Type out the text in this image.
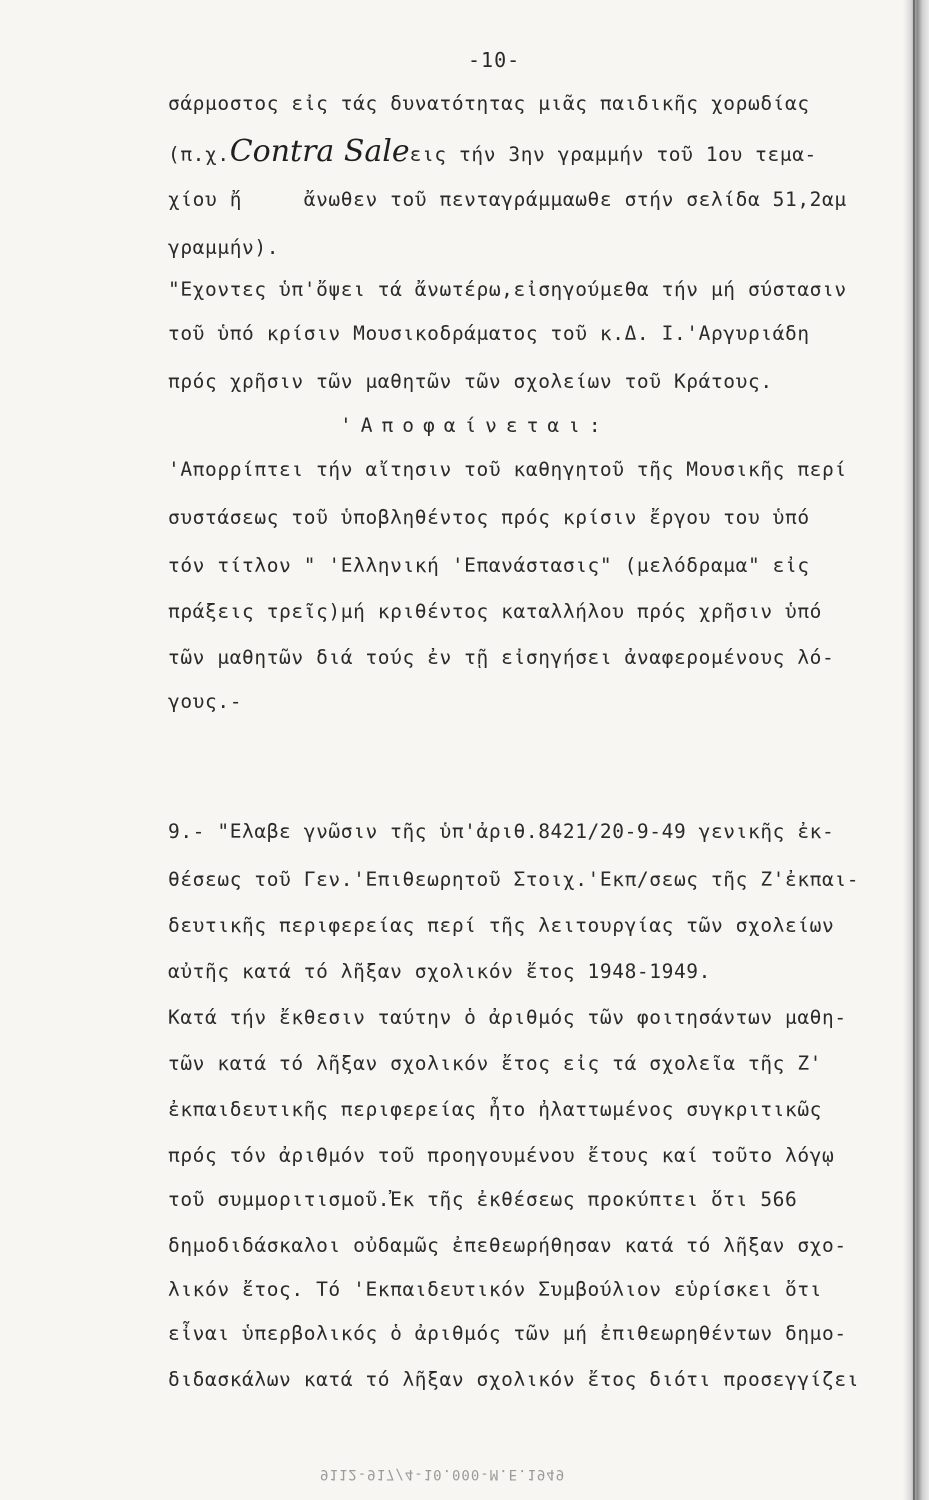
-10-
σάρμοστος εἰς τάς δυνατότητας μιᾶς παιδικῆς χορωδίας
(π.χ.Contra Saleεις τήν 3ην γραμμήν τοῦ 1ου τεμα-
χίου ἤ     ἄνωθεν τοῦ πενταγράμμαωθε στήν σελίδα 51,2αμ
γραμμήν).
"Εχοντες ὑπ'ὄψει τά ἄνωτέρω,εἰσηγούμεθα τήν μή σύστασιν
τοῦ ὑπό κρίσιν Μουσικοδράματος τοῦ κ.Δ. Ι.'Αργυριάδη
πρός χρῆσιν τῶν μαθητῶν τῶν σχολείων τοῦ Κράτους.
'Αποφαίνεται:
'Απορρίπτει τήν αἴτησιν τοῦ καθηγητοῦ τῆς Μουσικῆς περί
συστάσεως τοῦ ὑποβληθέντος πρός κρίσιν ἔργου του ὑπό
τόν τίτλον " 'Ελληνική 'Επανάστασις" (μελόδραμα" εἰς
πράξεις τρεῖς)μή κριθέντος καταλλήλου πρός χρῆσιν ὑπό
τῶν μαθητῶν διά τούς ἐν τῇ εἰσηγήσει ἀναφερομένους λό-
γους.-
9.- "Ελαβε γνῶσιν τῆς ὑπ'ἀριθ.8421/20-9-49 γενικῆς ἐκ-
θέσεως τοῦ Γεν.'Επιθεωρητοῦ Στοιχ.'Εκπ/σεως τῆς Ζ'ἐκπαι-
δευτικῆς περιφερείας περί τῆς λειτουργίας τῶν σχολείων
αὐτῆς κατά τό λῆξαν σχολικόν ἔτος 1948-1949.
Κατά τήν ἔκθεσιν ταύτην ὁ ἀριθμός τῶν φοιτησάντων μαθη-
τῶν κατά τό λῆξαν σχολικόν ἔτος εἰς τά σχολεῖα τῆς Ζ'
ἐκπαιδευτικῆς περιφερείας ἦτο ἠλαττωμένος συγκριτικῶς
πρός τόν ἀριθμόν τοῦ προηγουμένου ἔτους καί τοῦτο λόγῳ
τοῦ συμμοριτισμοῦ.Ἐκ τῆς ἐκθέσεως προκύπτει ὅτι 566
δημοδιδάσκαλοι οὐδαμῶς ἐπεθεωρήθησαν κατά τό λῆξαν σχο-
λικόν ἔτος. Τό 'Εκπαιδευτικόν Συμβούλιον εὑρίσκει ὅτι
εἶναι ὑπερβολικός ὁ ἀριθμός τῶν μή ἐπιθεωρηθέντων δημο-
διδασκάλων κατά τό λῆξαν σχολικόν ἔτος διότι προσεγγίζει
9112-917/4-10.000-Μ.Ε.1949
